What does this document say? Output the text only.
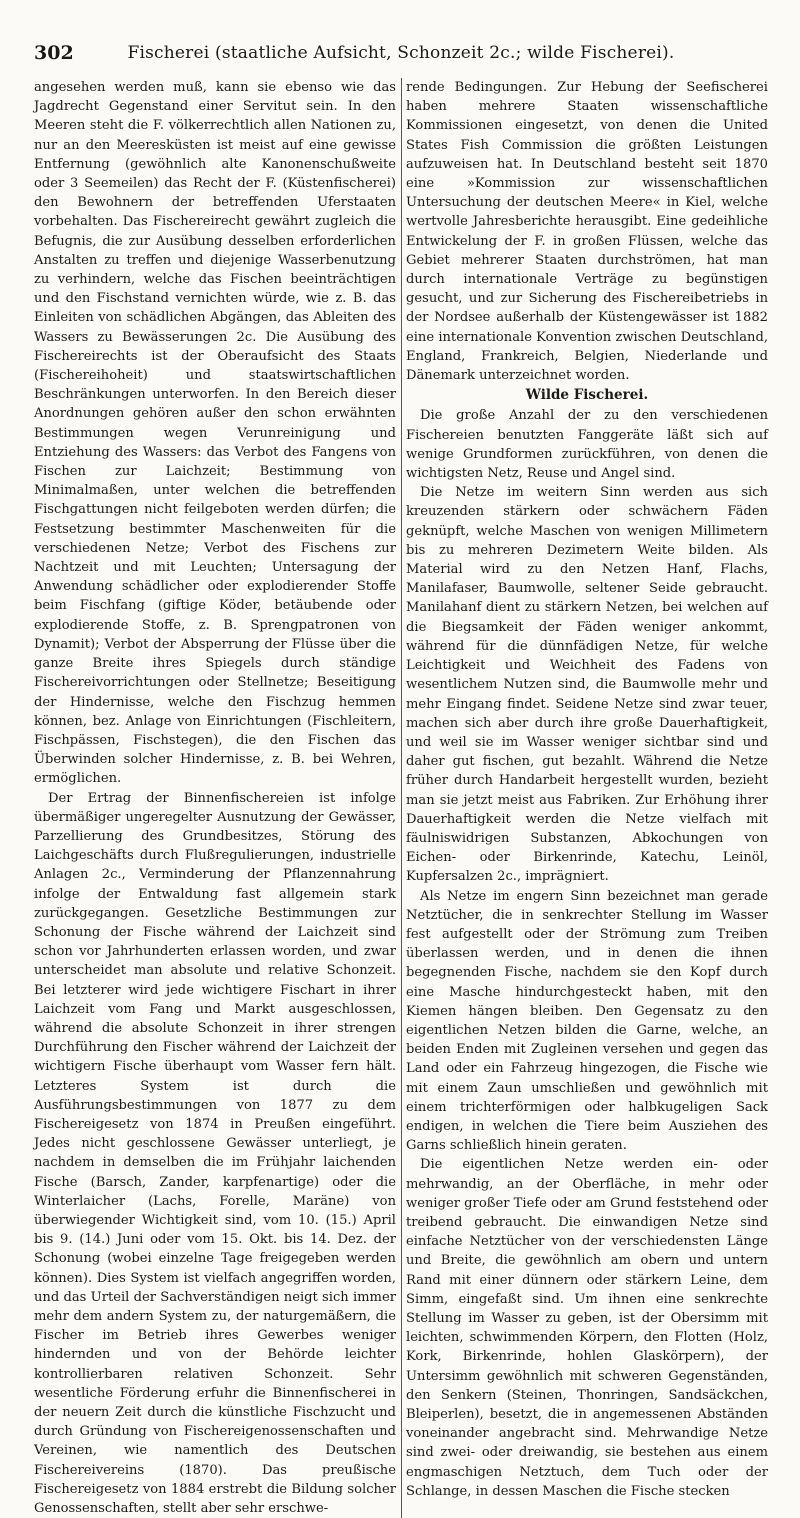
302	Fischerei (staatliche Aufsicht, Schonzeit 2c.; wilde Fischerei).

angesehen werden muß, kann sie ebenso wie das Jagdrecht Gegenstand einer Servitut sein. In den Meeren steht die F. völkerrechtlich allen Nationen zu, nur an den Meeresküsten ist meist auf eine gewisse Entfernung (gewöhnlich alte Kanonenschußweite oder 3 Seemeilen) das Recht der F. (Küstenfischerei) den Bewohnern der betreffenden Uferstaaten vorbehalten. Das Fischereirecht gewährt zugleich die Befugnis, die zur Ausübung desselben erforderlichen Anstalten zu treffen und diejenige Wasserbenutzung zu verhindern, welche das Fischen beeinträchtigen und den Fischstand vernichten würde, wie z. B. das Einleiten von schädlichen Abgängen, das Ableiten des Wassers zu Bewässerungen 2c. Die Ausübung des Fischereirechts ist der Oberaufsicht des Staats (Fischereihoheit) und staatswirtschaftlichen Beschränkungen unterworfen. In den Bereich dieser Anordnungen gehören außer den schon erwähnten Bestimmungen wegen Verunreinigung und Entziehung des Wassers: das Verbot des Fangens von Fischen zur Laichzeit; Bestimmung von Minimalmaßen, unter welchen die betreffenden Fischgattungen nicht feilgeboten werden dürfen; die Festsetzung bestimmter Maschenweiten für die verschiedenen Netze; Verbot des Fischens zur Nachtzeit und mit Leuchten; Untersagung der Anwendung schädlicher oder explodierender Stoffe beim Fischfang (giftige Köder, betäubende oder explodierende Stoffe, z. B. Sprengpatronen von Dynamit); Verbot der Absperrung der Flüsse über die ganze Breite ihres Spiegels durch ständige Fischereivorrichtungen oder Stellnetze; Beseitigung der Hindernisse, welche den Fischzug hemmen können, bez. Anlage von Einrichtungen (Fischleitern, Fischpässen, Fischstegen), die den Fischen das Überwinden solcher Hindernisse, z. B. bei Wehren, ermöglichen.

Der Ertrag der Binnenfischereien ist infolge übermäßiger ungeregelter Ausnutzung der Gewässer, Parzellierung des Grundbesitzes, Störung des Laichgeschäfts durch Flußregulierungen, industrielle Anlagen 2c., Verminderung der Pflanzennahrung infolge der Entwaldung fast allgemein stark zurückgegangen. Gesetzliche Bestimmungen zur Schonung der Fische während der Laichzeit sind schon vor Jahrhunderten erlassen worden, und zwar unterscheidet man absolute und relative Schonzeit. Bei letzterer wird jede wichtigere Fischart in ihrer Laichzeit vom Fang und Markt ausgeschlossen, während die absolute Schonzeit in ihrer strengen Durchführung den Fischer während der Laichzeit der wichtigern Fische überhaupt vom Wasser fern hält. Letzteres System ist durch die Ausführungsbestimmungen von 1877 zu dem Fischereigesetz von 1874 in Preußen eingeführt. Jedes nicht geschlossene Gewässer unterliegt, je nachdem in demselben die im Frühjahr laichenden Fische (Barsch, Zander, karpfenartige) oder die Winterlaicher (Lachs, Forelle, Maräne) von überwiegender Wichtigkeit sind, vom 10. (15.) April bis 9. (14.) Juni oder vom 15. Okt. bis 14. Dez. der Schonung (wobei einzelne Tage freigegeben werden können). Dies System ist vielfach angegriffen worden, und das Urteil der Sachverständigen neigt sich immer mehr dem andern System zu, der naturgemäßern, die Fischer im Betrieb ihres Gewerbes weniger hindernden und von der Behörde leichter kontrollierbaren relativen Schonzeit. Sehr wesentliche Förderung erfuhr die Binnenfischerei in der neuern Zeit durch die künstliche Fischzucht und durch Gründung von Fischereigenossenschaften und Vereinen, wie namentlich des Deutschen Fischereivereins (1870). Das preußische Fischereigesetz von 1884 erstrebt die Bildung solcher Genossenschaften, stellt aber sehr erschwe-

rende Bedingungen. Zur Hebung der Seefischerei haben mehrere Staaten wissenschaftliche Kommissionen eingesetzt, von denen die United States Fish Commission die größten Leistungen aufzuweisen hat. In Deutschland besteht seit 1870 eine »Kommission zur wissenschaftlichen Untersuchung der deutschen Meere« in Kiel, welche wertvolle Jahresberichte herausgibt. Eine gedeihliche Entwickelung der F. in großen Flüssen, welche das Gebiet mehrerer Staaten durchströmen, hat man durch internationale Verträge zu begünstigen gesucht, und zur Sicherung des Fischereibetriebs in der Nordsee außerhalb der Küstengewässer ist 1882 eine internationale Konvention zwischen Deutschland, England, Frankreich, Belgien, Niederlande und Dänemark unterzeichnet worden.

Wilde Fischerei.

Die große Anzahl der zu den verschiedenen Fischereien benutzten Fanggeräte läßt sich auf wenige Grundformen zurückführen, von denen die wichtigsten Netz, Reuse und Angel sind.

Die Netze im weitern Sinn werden aus sich kreuzenden stärkern oder schwächern Fäden geknüpft, welche Maschen von wenigen Millimetern bis zu mehreren Dezimetern Weite bilden. Als Material wird zu den Netzen Hanf, Flachs, Manilafaser, Baumwolle, seltener Seide gebraucht. Manilahanf dient zu stärkern Netzen, bei welchen auf die Biegsamkeit der Fäden weniger ankommt, während für die dünnfädigen Netze, für welche Leichtigkeit und Weichheit des Fadens von wesentlichem Nutzen sind, die Baumwolle mehr und mehr Eingang findet. Seidene Netze sind zwar teuer, machen sich aber durch ihre große Dauerhaftigkeit, und weil sie im Wasser weniger sichtbar sind und daher gut fischen, gut bezahlt. Während die Netze früher durch Handarbeit hergestellt wurden, bezieht man sie jetzt meist aus Fabriken. Zur Erhöhung ihrer Dauerhaftigkeit werden die Netze vielfach mit fäulniswidrigen Substanzen, Abkochungen von Eichen- oder Birkenrinde, Katechu, Leinöl, Kupfersalzen 2c., imprägniert.

Als Netze im engern Sinn bezeichnet man gerade Netztücher, die in senkrechter Stellung im Wasser fest aufgestellt oder der Strömung zum Treiben überlassen werden, und in denen die ihnen begegnenden Fische, nachdem sie den Kopf durch eine Masche hindurchgesteckt haben, mit den Kiemen hängen bleiben. Den Gegensatz zu den eigentlichen Netzen bilden die Garne, welche, an beiden Enden mit Zugleinen versehen und gegen das Land oder ein Fahrzeug hingezogen, die Fische wie mit einem Zaun umschließen und gewöhnlich mit einem trichterförmigen oder halbkugeligen Sack endigen, in welchen die Tiere beim Ausziehen des Garns schließlich hinein geraten.

Die eigentlichen Netze werden ein- oder mehrwandig, an der Oberfläche, in mehr oder weniger großer Tiefe oder am Grund feststehend oder treibend gebraucht. Die einwandigen Netze sind einfache Netztücher von der verschiedensten Länge und Breite, die gewöhnlich am obern und untern Rand mit einer dünnern oder stärkern Leine, dem Simm, eingefaßt sind. Um ihnen eine senkrechte Stellung im Wasser zu geben, ist der Obersimm mit leichten, schwimmenden Körpern, den Flotten (Holz, Kork, Birkenrinde, hohlen Glaskörpern), der Untersimm gewöhnlich mit schweren Gegenständen, den Senkern (Steinen, Thonringen, Sandsäckchen, Bleiperlen), besetzt, die in angemessenen Abständen voneinander angebracht sind. Mehrwandige Netze sind zwei- oder dreiwandig, sie bestehen aus einem engmaschigen Netztuch, dem Tuch oder der Schlange, in dessen Maschen die Fische stecken
